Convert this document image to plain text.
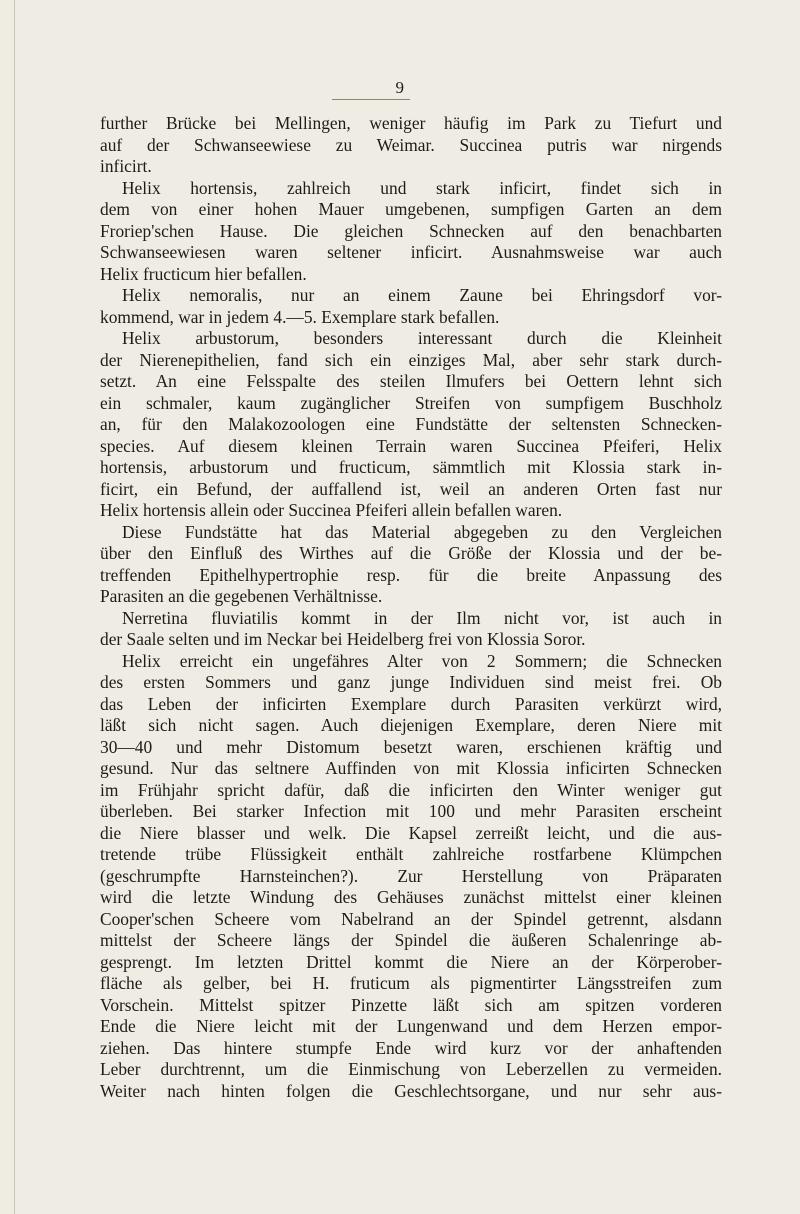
9
further Brücke bei Mellingen, weniger häufig im Park zu Tiefurt und
auf der Schwanseewiese zu Weimar. Succinea putris war nirgends
inficirt.
Helix hortensis, zahlreich und stark inficirt, findet sich in
dem von einer hohen Mauer umgebenen, sumpfigen Garten an dem
Froriep'schen Hause. Die gleichen Schnecken auf den benachbarten
Schwanseewiesen waren seltener inficirt. Ausnahmsweise war auch
Helix fructicum hier befallen.
Helix nemoralis, nur an einem Zaune bei Ehringsdorf vor-
kommend, war in jedem 4.—5. Exemplare stark befallen.
Helix arbustorum, besonders interessant durch die Kleinheit
der Nierenepithelien, fand sich ein einziges Mal, aber sehr stark durch-
setzt. An eine Felsspalte des steilen Ilmufers bei Oettern lehnt sich
ein schmaler, kaum zugänglicher Streifen von sumpfigem Buschholz
an, für den Malakozoologen eine Fundstätte der seltensten Schnecken-
species. Auf diesem kleinen Terrain waren Succinea Pfeiferi, Helix
hortensis, arbustorum und fructicum, sämmtlich mit Klossia stark in-
ficirt, ein Befund, der auffallend ist, weil an anderen Orten fast nur
Helix hortensis allein oder Succinea Pfeiferi allein befallen waren.
Diese Fundstätte hat das Material abgegeben zu den Vergleichen
über den Einfluß des Wirthes auf die Größe der Klossia und der be-
treffenden Epithelhypertrophie resp. für die breite Anpassung des
Parasiten an die gegebenen Verhältnisse.
Nerretina fluviatilis kommt in der Ilm nicht vor, ist auch in
der Saale selten und im Neckar bei Heidelberg frei von Klossia Soror.
Helix erreicht ein ungefähres Alter von 2 Sommern; die Schnecken
des ersten Sommers und ganz junge Individuen sind meist frei. Ob
das Leben der inficirten Exemplare durch Parasiten verkürzt wird,
läßt sich nicht sagen. Auch diejenigen Exemplare, deren Niere mit
30—40 und mehr Distomum besetzt waren, erschienen kräftig und
gesund. Nur das seltnere Auffinden von mit Klossia inficirten Schnecken
im Frühjahr spricht dafür, daß die inficirten den Winter weniger gut
überleben. Bei starker Infection mit 100 und mehr Parasiten erscheint
die Niere blasser und welk. Die Kapsel zerreißt leicht, und die aus-
tretende trübe Flüssigkeit enthält zahlreiche rostfarbene Klümpchen
(geschrumpfte Harnsteinchen?). Zur Herstellung von Präparaten
wird die letzte Windung des Gehäuses zunächst mittelst einer kleinen
Cooper'schen Scheere vom Nabelrand an der Spindel getrennt, alsdann
mittelst der Scheere längs der Spindel die äußeren Schalenringe ab-
gesprengt. Im letzten Drittel kommt die Niere an der Körperober-
fläche als gelber, bei H. fruticum als pigmentirter Längsstreifen zum
Vorschein. Mittelst spitzer Pinzette läßt sich am spitzen vorderen
Ende die Niere leicht mit der Lungenwand und dem Herzen empor-
ziehen. Das hintere stumpfe Ende wird kurz vor der anhaftenden
Leber durchtrennt, um die Einmischung von Leberzellen zu vermeiden.
Weiter nach hinten folgen die Geschlechtsorgane, und nur sehr aus-
